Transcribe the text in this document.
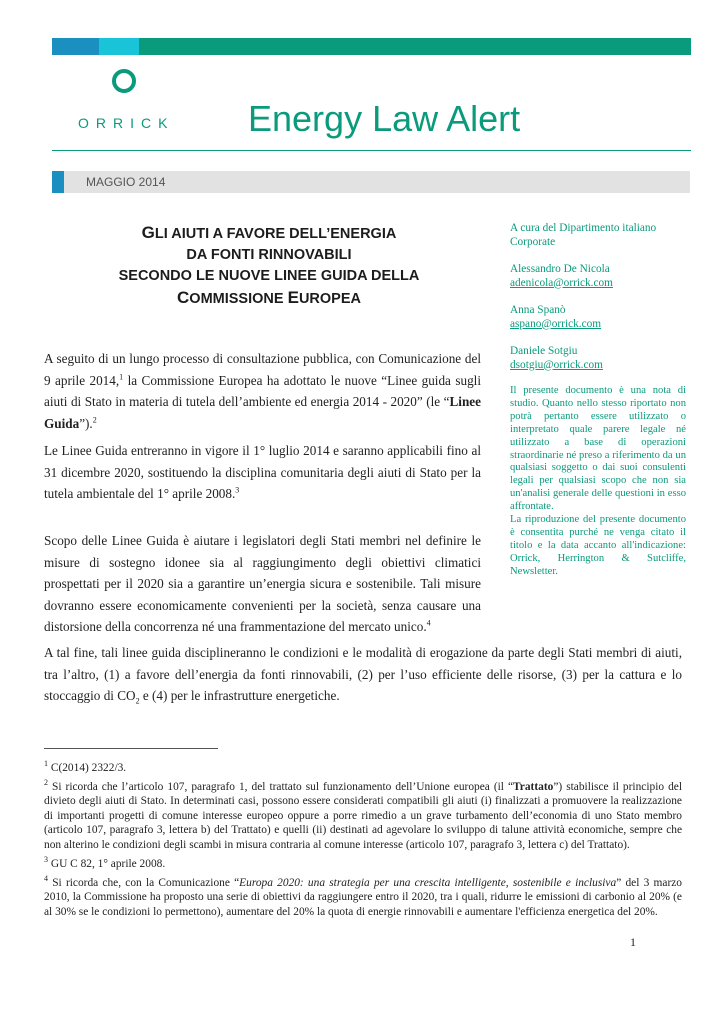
ORRICK Energy Law Alert
MAGGIO 2014
GLI AIUTI A FAVORE DELL’ENERGIA
DA FONTI RINNOVABILI
SECONDO LE NUOVE LINEE GUIDA DELLA
COMMISSIONE EUROPEA
A seguito di un lungo processo di consultazione pubblica, con Comunicazione del 9 aprile 2014,$^1$ la Commissione Europea ha adottato le nuove “Linee guida sugli aiuti di Stato in materia di tutela dell’ambiente ed energia 2014 - 2020” (le “Linee Guida”).$^2$
Le Linee Guida entreranno in vigore il 1° luglio 2014 e saranno applicabili fino al 31 dicembre 2020, sostituendo la disciplina comunitaria degli aiuti di Stato per la tutela ambientale del 1° aprile 2008.$^3$
Scopo delle Linee Guida è aiutare i legislatori degli Stati membri nel definire le misure di sostegno idonee sia al raggiungimento degli obiettivi climatici prospettati per il 2020 sia a garantire un’energia sicura e sostenibile. Tali misure dovranno essere economicamente convenienti per la società, senza causare una distorsione della concorrenza né una frammentazione del mercato unico.$^4$
A tal fine, tali linee guida disciplineranno le condizioni e le modalità di erogazione da parte degli Stati membri di aiuti, tra l’altro, (1) a favore dell’energia da fonti rinnovabili, (2) per l’uso efficiente delle risorse, (3) per la cattura e lo stoccaggio di $CO_2$ e (4) per le infrastrutture energetiche.
A cura del Dipartimento italiano Corporate
Alessandro De Nicola
adenicola@orrick.com
Anna Spanò
aspano@orrick.com
Daniele Sotgiu
dsotgiu@orrick.com
Il presente documento è una nota di studio. Quanto nello stesso riportato non potrà pertanto essere utilizzato o interpretato quale parere legale né utilizzato a base di operazioni straordinarie né preso a riferimento da un qualsiasi soggetto o dai suoi consulenti legali per qualsiasi scopo che non sia un'analisi generale delle questioni in esso affrontate.
La riproduzione del presente documento è consentita purché ne venga citato il titolo e la data accanto all'indicazione: Orrick, Herrington & Sutcliffe, Newsletter.
$^1$ C(2014) 2322/3.
$^2$ Si ricorda che l’articolo 107, paragrafo 1, del trattato sul funzionamento dell’Unione europea (il “Trattato”) stabilisce il principio del divieto degli aiuti di Stato. In determinati casi, possono essere considerati compatibili gli aiuti (i) finalizzati a promuovere la realizzazione di importanti progetti di comune interesse europeo oppure a porre rimedio a un grave turbamento dell’economia di uno Stato membro (articolo 107, paragrafo 3, lettera b) del Trattato) e quelli (ii) destinati ad agevolare lo sviluppo di talune attività economiche, sempre che non alterino le condizioni degli scambi in misura contraria al comune interesse (articolo 107, paragrafo 3, lettera c) del Trattato).
$^3$ GU C 82, 1° aprile 2008.
$^4$ Si ricorda che, con la Comunicazione “Europa 2020: una strategia per una crescita intelligente, sostenibile e inclusiva” del 3 marzo 2010, la Commissione ha proposto una serie di obiettivi da raggiungere entro il 2020, tra i quali, ridurre le emissioni di carbonio al 20% (e al 30% se le condizioni lo permettono), aumentare del 20% la quota di energie rinnovabili e aumentare l'efficienza energetica del 20%.
1
